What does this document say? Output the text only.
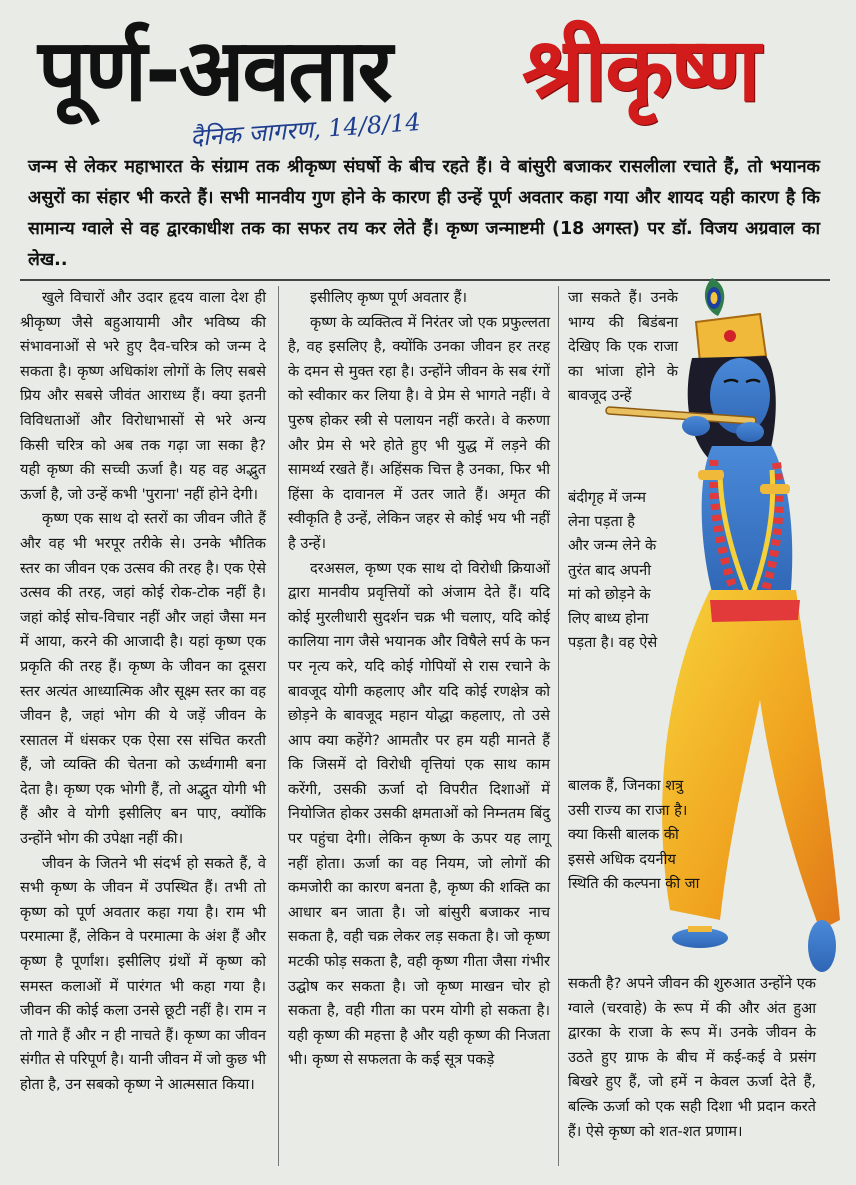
पूर्ण-अवतार श्रीकृष्ण
दैनिक जागरण, 14/8/14
जन्म से लेकर महाभारत के संग्राम तक श्रीकृष्ण संघर्षो के बीच रहते हैं। वे बांसुरी बजाकर रासलीला रचाते हैं, तो भयानक असुरों का संहार भी करते हैं। सभी मानवीय गुण होने के कारण ही उन्हें पूर्ण अवतार कहा गया और शायद यही कारण है कि सामान्य ग्वाले से वह द्वारकाधीश तक का सफर तय कर लेते हैं। कृष्ण जन्माष्टमी (18 अगस्त) पर डॉ. विजय अग्रवाल का लेख..

खुले विचारों और उदार हृदय वाला देश ही श्रीकृष्ण जैसे बहुआयामी और भविष्य की संभावनाओं से भरे हुए दैव-चरित्र को जन्म दे सकता है। कृष्ण अधिकांश लोगों के लिए सबसे प्रिय और सबसे जीवंत आराध्य हैं। क्या इतनी विविधताओं और विरोधाभासों से भरे अन्य किसी चरित्र को अब तक गढ़ा जा सका है? यही कृष्ण की सच्ची ऊर्जा है। यह वह अद्भुत ऊर्जा है, जो उन्हें कभी 'पुराना' नहीं होने देगी।

कृष्ण एक साथ दो स्तरों का जीवन जीते हैं और वह भी भरपूर तरीके से। उनके भौतिक स्तर का जीवन एक उत्सव की तरह है। एक ऐसे उत्सव की तरह, जहां कोई रोक-टोक नहीं है। जहां कोई सोच-विचार नहीं और जहां जैसा मन में आया, करने की आजादी है। यहां कृष्ण एक प्रकृति की तरह हैं। कृष्ण के जीवन का दूसरा स्तर अत्यंत आध्यात्मिक और सूक्ष्म स्तर का वह जीवन है, जहां भोग की ये जड़ें जीवन के रसातल में धंसकर एक ऐसा रस संचित करती हैं, जो व्यक्ति की चेतना को ऊर्ध्वगामी बना देता है। कृष्ण एक भोगी हैं, तो अद्भुत योगी भी हैं और वे योगी इसीलिए बन पाए, क्योंकि उन्होंने भोग की उपेक्षा नहीं की।

जीवन के जितने भी संदर्भ हो सकते हैं, वे सभी कृष्ण के जीवन में उपस्थित हैं। तभी तो कृष्ण को पूर्ण अवतार कहा गया है। राम भी परमात्मा हैं, लेकिन वे परमात्मा के अंश हैं और कृष्ण है पूर्णांश। इसीलिए ग्रंथों में कृष्ण को समस्त कलाओं में पारंगत भी कहा गया है। जीवन की कोई कला उनसे छूटी नहीं है। राम न तो गाते हैं और न ही नाचते हैं। कृष्ण का जीवन संगीत से परिपूर्ण है। यानी जीवन में जो कुछ भी होता है, उन सबको कृष्ण ने आत्मसात किया।

इसीलिए कृष्ण पूर्ण अवतार हैं।

कृष्ण के व्यक्तित्व में निरंतर जो एक प्रफुल्लता है, वह इसलिए है, क्योंकि उनका जीवन हर तरह के दमन से मुक्त रहा है। उन्होंने जीवन के सब रंगों को स्वीकार कर लिया है। वे प्रेम से भागते नहीं। वे पुरुष होकर स्त्री से पलायन नहीं करते। वे करुणा और प्रेम से भरे होते हुए भी युद्ध में लड़ने की सामर्थ्य रखते हैं। अहिंसक चित्त है उनका, फिर भी हिंसा के दावानल में उतर जाते हैं। अमृत की स्वीकृति है उन्हें, लेकिन जहर से कोई भय भी नहीं है उन्हें।

दरअसल, कृष्ण एक साथ दो विरोधी क्रियाओं द्वारा मानवीय प्रवृत्तियों को अंजाम देते हैं। यदि कोई मुरलीधारी सुदर्शन चक्र भी चलाए, यदि कोई कालिया नाग जैसे भयानक और विषैले सर्प के फन पर नृत्य करे, यदि कोई गोपियों से रास रचाने के बावजूद योगी कहलाए और यदि कोई रणक्षेत्र को छोड़ने के बावजूद महान योद्धा कहलाए, तो उसे आप क्या कहेंगे? आमतौर पर हम यही मानते हैं कि जिसमें दो विरोधी वृत्तियां एक साथ काम करेंगी, उसकी ऊर्जा दो विपरीत दिशाओं में नियोजित होकर उसकी क्षमताओं को निम्नतम बिंदु पर पहुंचा देगी। लेकिन कृष्ण के ऊपर यह लागू नहीं होता। ऊर्जा का वह नियम, जो लोगों की कमजोरी का कारण बनता है, कृष्ण की शक्ति का आधार बन जाता है। जो बांसुरी बजाकर नाच सकता है, वही चक्र लेकर लड़ सकता है। जो कृष्ण मटकी फोड़ सकता है, वही कृष्ण गीता जैसा गंभीर उद्घोष कर सकता है। जो कृष्ण माखन चोर हो सकता है, वही गीता का परम योगी हो सकता है। यही कृष्ण की महत्ता है और यही कृष्ण की निजता भी। कृष्ण से सफलता के कई सूत्र पकड़े

जा सकते हैं। उनके भाग्य की बिडंबना देखिए कि एक राजा का भांजा होने के बावजूद उन्हें

बंदीगृह में जन्म लेना पड़ता है और जन्म लेने के तुरंत बाद अपनी मां को छोड़ने के लिए बाध्य होना पड़ता है। वह ऐसे

बालक हैं, जिनका शत्रु उसी राज्य का राजा है। क्या किसी बालक की इससे अधिक दयनीय स्थिति की कल्पना की जा

सकती है? अपने जीवन की शुरुआत उन्होंने एक ग्वाले (चरवाहे) के रूप में की और अंत हुआ द्वारका के राजा के रूप में। उनके जीवन के उठते हुए ग्राफ के बीच में कई-कई वे प्रसंग बिखरे हुए हैं, जो हमें न केवल ऊर्जा देते हैं, बल्कि ऊर्जा को एक सही दिशा भी प्रदान करते हैं। ऐसे कृष्ण को शत-शत प्रणाम।
